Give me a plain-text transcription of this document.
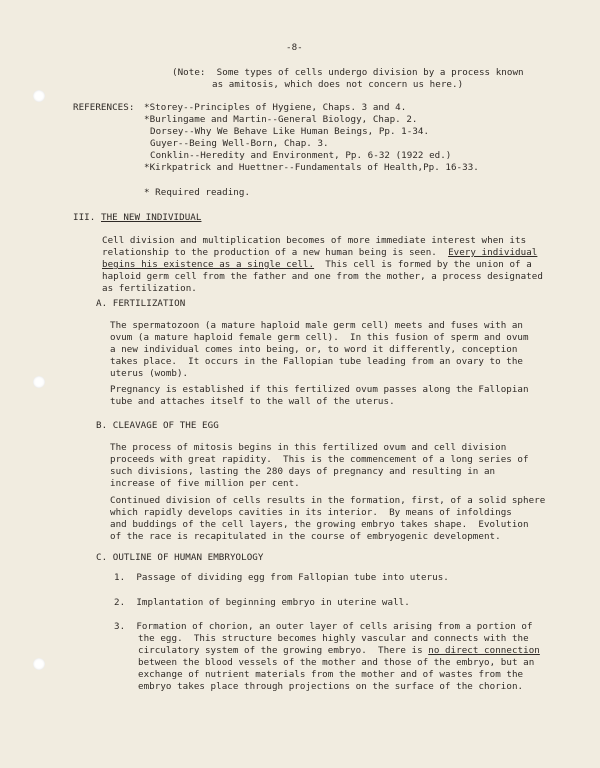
-8-
(Note:  Some types of cells undergo division by a process known
as amitosis, which does not concern us here.)
REFERENCES: *Storey--Principles of Hygiene, Chaps. 3 and 4.
*Burlingame and Martin--General Biology, Chap. 2.
Dorsey--Why We Behave Like Human Beings, Pp. 1-34.
Guyer--Being Well-Born, Chap. 3.
Conklin--Heredity and Environment, Pp. 6-32 (1922 ed.)
*Kirkpatrick and Huettner--Fundamentals of Health,Pp. 16-33.
* Required reading.
III. THE NEW INDIVIDUAL
Cell division and multiplication becomes of more immediate interest when its
relationship to the production of a new human being is seen. Every individual
begins his existence as a single cell. This cell is formed by the union of a
haploid germ cell from the father and one from the mother, a process designated
as fertilization.
A. FERTILIZATION
The spermatozoon (a mature haploid male germ cell) meets and fuses with an
ovum (a mature haploid female germ cell).  In this fusion of sperm and ovum
a new individual comes into being, or, to word it differently, conception
takes place.  It occurs in the Fallopian tube leading from an ovary to the
uterus (womb).
Pregnancy is established if this fertilized ovum passes along the Fallopian
tube and attaches itself to the wall of the uterus.
B. CLEAVAGE OF THE EGG
The process of mitosis begins in this fertilized ovum and cell division
proceeds with great rapidity.  This is the commencement of a long series of
such divisions, lasting the 280 days of pregnancy and resulting in an
increase of five million per cent.
Continued division of cells results in the formation, first, of a solid sphere
which rapidly develops cavities in its interior.  By means of infoldings
and buddings of the cell layers, the growing embryo takes shape.  Evolution
of the race is recapitulated in the course of embryogenic development.
C. OUTLINE OF HUMAN EMBRYOLOGY
1.  Passage of dividing egg from Fallopian tube into uterus.
2.  Implantation of beginning embryo in uterine wall.
3.  Formation of chorion, an outer layer of cells arising from a portion of
the egg.  This structure becomes highly vascular and connects with the
circulatory system of the growing embryo.  There is no direct connection
between the blood vessels of the mother and those of the embryo, but an
exchange of nutrient materials from the mother and of wastes from the
embryo takes place through projections on the surface of the chorion.
